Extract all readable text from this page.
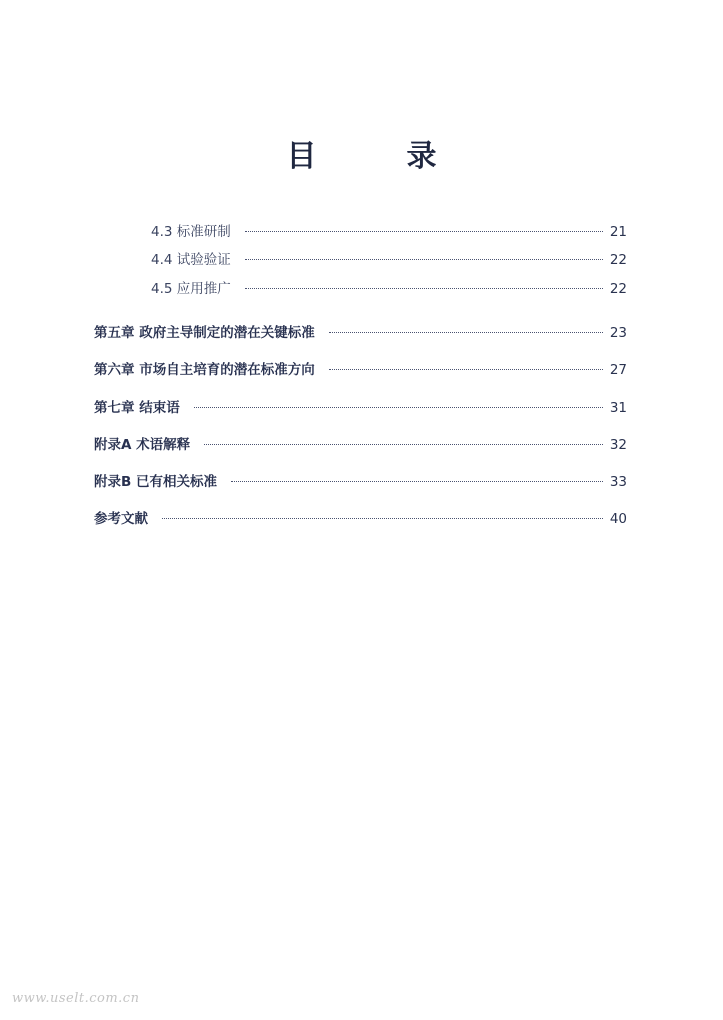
目　录
4.3 标准研制	21
4.4 试验验证	22
4.5 应用推广	22
第五章 政府主导制定的潜在关键标准	23
第六章 市场自主培育的潜在标准方向	27
第七章 结束语	31
附录A 术语解释	32
附录B 已有相关标准	33
参考文献	40
www.uselt.com.cn
